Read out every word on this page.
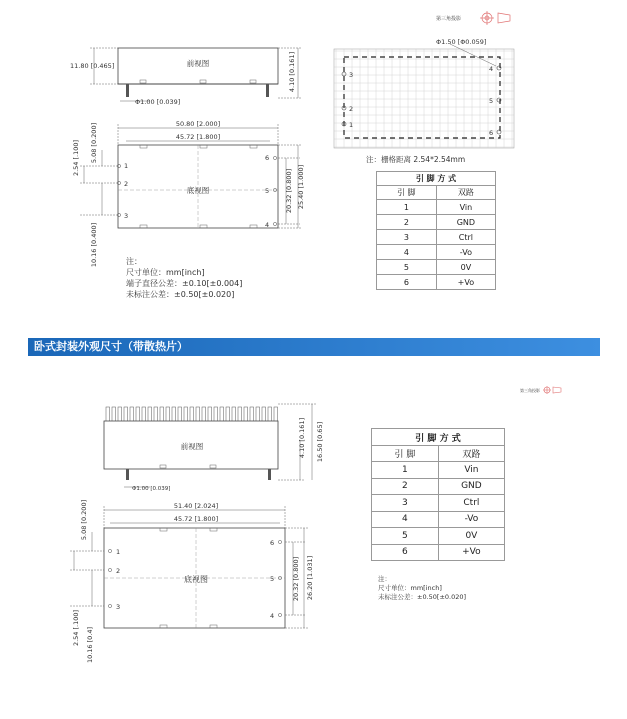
第三角投影
前视图
11.80 [0.465]	4.10 [0.161]
Φ1.00 [0.039]
底视图
1
2
3
6
5
4
50.80 [2.000]
45.72 [1.800]
5.08 [0.200]
2.54 [.100]
10.16 [0.400]
20.32 [0.800] 25.40 [1.000]
3
2
1
4
5
6
Φ1.50 [Φ0.059]
注：栅格距离 2.54*2.54mm
第三角投影
前视图	4.10 [0.161] 16.50 [0.65]
Φ1.00 [0.039]
底视图
1
2
3
6
5
4
51.40 [2.024]
45.72 [1.800]
5.08 [0.200]
2.54 [.100] 10.16 [0.4]
20.32 [0.800] 26.20 [1.031]
引 脚 方 式	
引 脚	双路
1	Vin
2	GND
3	Ctrl
4	-Vo
5	0V
6	+Vo
注：
尺寸单位：mm[inch]
端子直径公差：±0.10[±0.004]
未标注公差：±0.50[±0.020]
卧式封装外观尺寸（带散热片）
引 脚 方 式	
引 脚	双路
1	Vin
2	GND
3	Ctrl
4	-Vo
5	0V
6	+Vo
注：
尺寸单位：mm[inch]
未标注公差：±0.50[±0.020]
